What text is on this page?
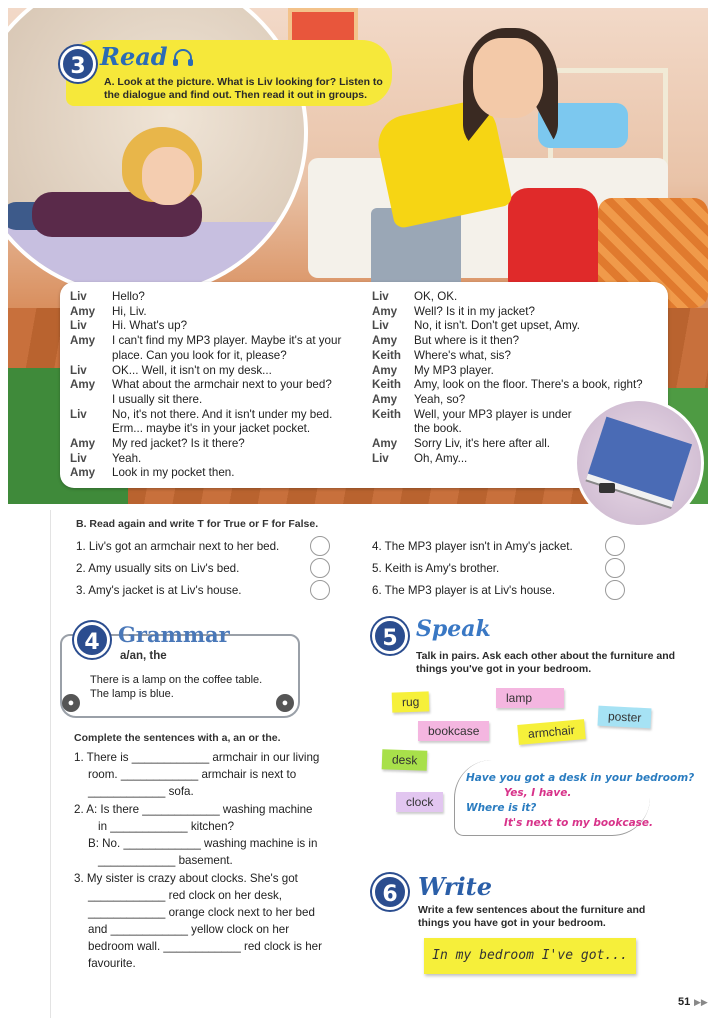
3 Read
A. Look at the picture. What is Liv looking for? Listen to the dialogue and find out. Then read it out in groups.
Liv	Hello?
Amy	Hi, Liv.
Liv	Hi. What's up?
Amy	I can't find my MP3 player. Maybe it's at your
place. Can you look for it, please?
Liv	OK... Well, it isn't on my desk...
Amy	What about the armchair next to your bed?
I usually sit there.
Liv	No, it's not there. And it isn't under my bed.
Erm... maybe it's in your jacket pocket.
Amy	My red jacket? Is it there?
Liv	Yeah.
Amy	Look in my pocket then.
Liv	OK, OK.
Amy	Well? Is it in my jacket?
Liv	No, it isn't. Don't get upset, Amy.
Amy	But where is it then?
Keith	Where's what, sis?
Amy	My MP3 player.
Keith	Amy, look on the floor. There's a book, right?
Amy	Yeah, so?
Keith	Well, your MP3 player is under
the book.
Amy	Sorry Liv, it's here after all.
Liv	Oh, Amy...
B. Read again and write T for True or F for False.
1. Liv's got an armchair next to her bed.
2. Amy usually sits on Liv's bed.
3. Amy's jacket is at Liv's house.
4. The MP3 player isn't in Amy's jacket.
5. Keith is Amy's brother.
6. The MP3 player is at Liv's house.
4 Grammar
a/an, the
There is a lamp on the coffee table.
The lamp is blue.
●	●
Complete the sentences with a, an or the.
1. There is ____________ armchair in our living
room. ____________ armchair is next to
____________ sofa.
2. A: Is there ____________ washing machine
in ____________ kitchen?
B: No. ____________ washing machine is in
____________ basement.
3. My sister is crazy about clocks. She's got
____________ red clock on her desk,
____________ orange clock next to her bed
and ____________ yellow clock on her
bedroom wall. ____________ red clock is her
favourite.
5 Speak
Talk in pairs. Ask each other about the furniture and things you've got in your bedroom.
rug	lamp
poster
bookcase	armchair
desk
clock
Have you got a desk in your bedroom?
Yes, I have.
Where is it?
It's next to my bookcase.
6 Write
Write a few sentences about the furniture and things you have got in your bedroom.
In my bedroom I've got...
51 ▶▶
